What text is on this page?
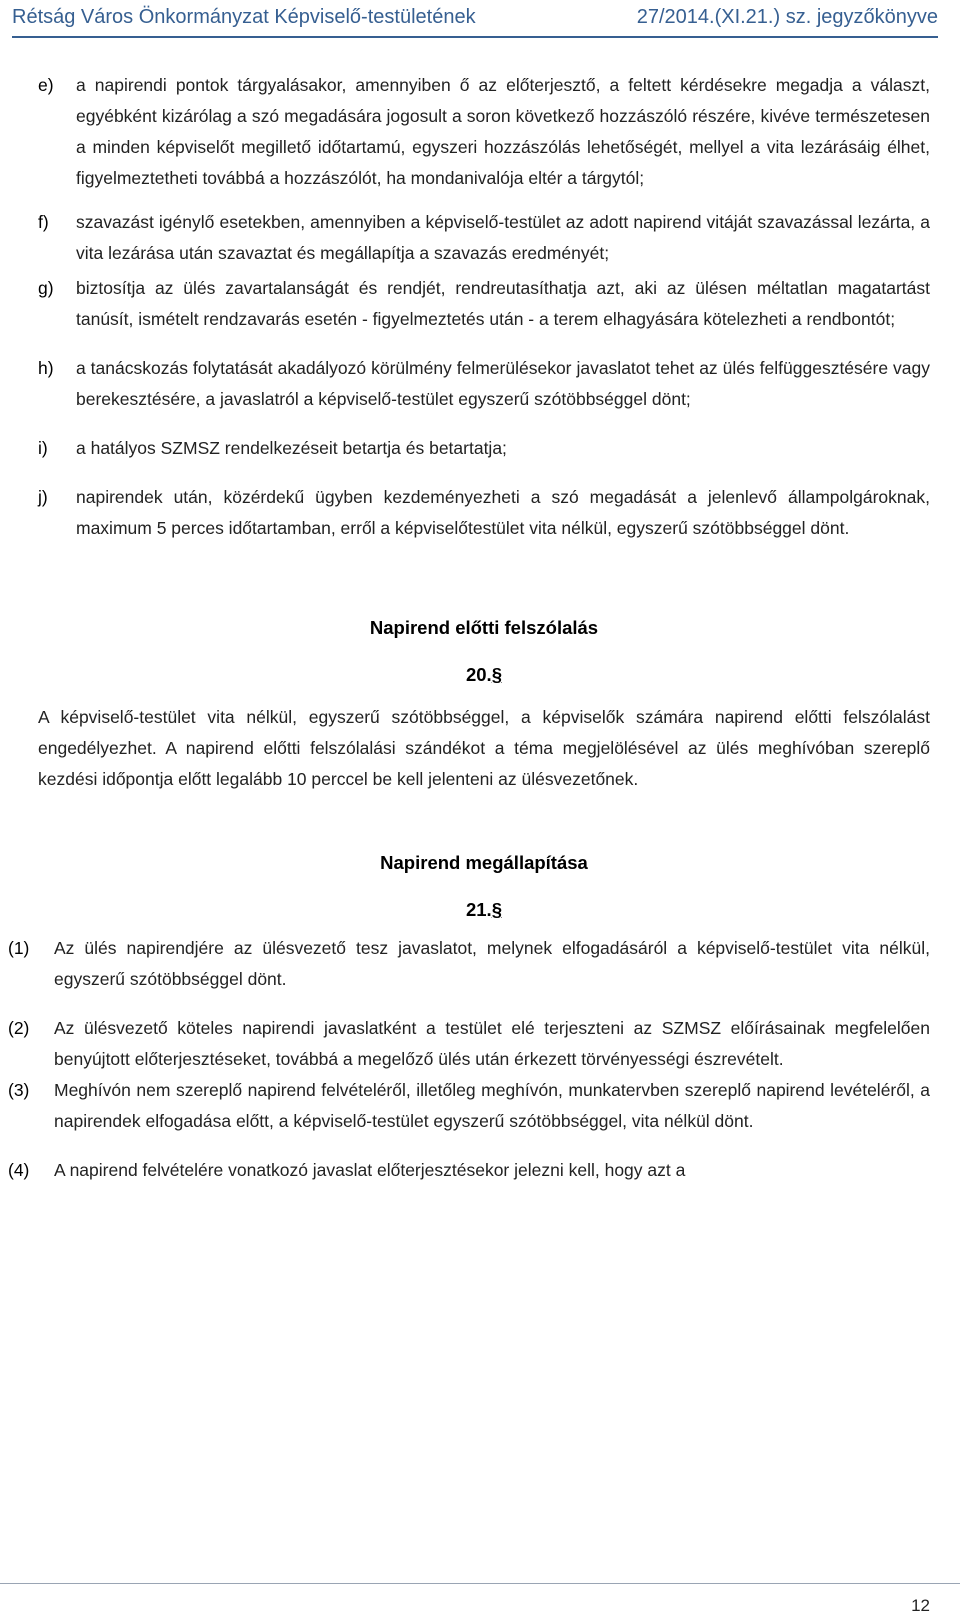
Rétság Város Önkormányzat Képviselő-testületének	27/2014.(XI.21.) sz. jegyzőkönyve
e)	a napirendi pontok tárgyalásakor, amennyiben ő az előterjesztő, a feltett kérdésekre megadja a választ, egyébként kizárólag a szó megadására jogosult a soron következő hozzászóló részére, kivéve természetesen a minden képviselőt megillető időtartamú, egyszeri hozzászólás lehetőségét, mellyel a vita lezárásáig élhet, figyelmeztetheti továbbá a hozzászólót, ha mondanivalója eltér a tárgytól;
f)	szavazást igénylő esetekben, amennyiben a képviselő-testület az adott napirend vitáját szavazással lezárta, a vita lezárása után szavaztat és megállapítja a szavazás eredményét;
g)	biztosítja az ülés zavartalanságát és rendjét, rendreutasíthatja azt, aki az ülésen méltatlan magatartást tanúsít, ismételt rendzavarás esetén - figyelmeztetés után - a terem elhagyására kötelezheti a rendbontót;
h)	a tanácskozás folytatását akadályozó körülmény felmerülésekor javaslatot tehet az ülés felfüggesztésére vagy berekesztésére, a javaslatról a képviselő-testület egyszerű szótöbbséggel dönt;
i)	a hatályos SZMSZ rendelkezéseit betartja és betartatja;
j)	napirendek után, közérdekű ügyben kezdeményezheti a szó megadását a jelenlevő állampolgároknak, maximum 5 perces időtartamban, erről a képviselőtestület vita nélkül, egyszerű szótöbbséggel dönt.
Napirend előtti felszólalás
20.§
A képviselő-testület vita nélkül, egyszerű szótöbbséggel, a képviselők számára napirend előtti felszólalást engedélyezhet. A napirend előtti felszólalási szándékot a téma megjelölésével az ülés meghívóban szereplő kezdési időpontja előtt legalább 10 perccel be kell jelenteni az ülésvezetőnek.
Napirend megállapítása
21.§
(1)	Az ülés napirendjére az ülésvezető tesz javaslatot, melynek elfogadásáról a képviselő-testület vita nélkül, egyszerű szótöbbséggel dönt.
(2)	Az ülésvezető köteles napirendi javaslatként a testület elé terjeszteni az SZMSZ előírásainak megfelelően benyújtott előterjesztéseket, továbbá a megelőző ülés után érkezett törvényességi észrevételt.
(3)	Meghívón nem szereplő napirend felvételéről, illetőleg meghívón, munkatervben szereplő napirend levételéről, a napirendek elfogadása előtt, a képviselő-testület egyszerű szótöbbséggel, vita nélkül dönt.
(4)	A napirend felvételére vonatkozó javaslat előterjesztésekor jelezni kell, hogy azt a
12
